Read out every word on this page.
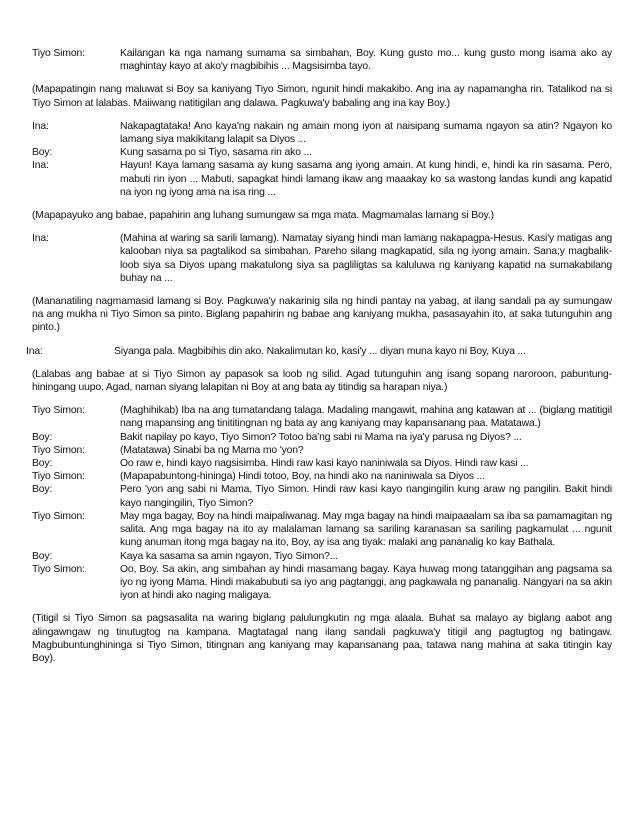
Tiyo Simon:	Kailangan ka nga namang sumama sa simbahan, Boy. Kung gusto mo... kung gusto mong isama ako ay maghintay kayo at ako'y magbibihis ... Magsisimba tayo.
(Mapapatingin nang maluwat si Boy sa kaniyang Tiyo Simon, ngunit hindi makakibo. Ang ina ay napamangha rin. Tatalikod na si Tiyo Simon at lalabas. Maiiwang natitigilan ang dalawa. Pagkuwa'y babaling ang ina kay Boy.)
Ina:	Nakapagtataka! Ano kaya'ng nakain ng amain mong iyon at naisipang sumama ngayon sa atin? Ngayon ko lamang siya makikitang lalapit sa Diyos ...
Boy:	Kung sasama po si Tiyo, sasama rin ako ...
Ina:	Hayun! Kaya lamang sasama ay kung sasama ang iyong amain. At kung hindi, e, hindi ka rin sasama. Pero, mabuti rin iyon ... Mabuti, sapagkat hindi lamang ikaw ang maaakay ko sa wastong landas kundi ang kapatid na iyon ng iyong ama na isa ring ...
(Mapapayuko ang babae, papahirin ang luhang sumungaw sa mga mata. Magmamalas lamang si Boy.)
Ina:	(Mahina at waring sa sarili lamang). Namatay siyang hindi man lamang nakapagpa-Hesus. Kasi'y matigas ang kalooban niya sa pagtalikod sa simbahan. Pareho silang magkapatid, sila ng iyong amain. Sana;y magbalik-loob siya sa Diyos upang makatulong siya sa pagliligtas sa kaluluwa ng kaniyang kapatid na sumakabilang buhay na ...
(Mananatiling nagmamasid lamang si Boy. Pagkuwa'y nakarinig sila ng hindi pantay na yabag, at ilang sandali pa ay sumungaw na ang mukha ni Tiyo Simon sa pinto. Biglang papahirin ng babae ang kaniyang mukha, pasasayahin ito, at saka tutunguhin ang pinto.)
Ina:	Siyanga pala. Magbibihis din ako. Nakalimutan ko, kasi'y ... diyan muna kayo ni Boy, Kuya ...
(Lalabas ang babae at si Tiyo Simon ay papasok sa loob ng silid. Agad tutunguhin ang isang sopang naroroon, pabuntung-hiningang uupo. Agad, naman siyang lalapitan ni Boy at ang bata ay titindig sa harapan niya.)
Tiyo Simon:	(Maghihikab) Iba na ang tumatandang talaga. Madaling mangawit, mahina ang katawan at ... (biglang matitigil nang mapansing ang tinititingnan ng bata ay ang kaniyang may kapansanang paa. Matatawa.)
Boy:	Bakit napilay po kayo, Tiyo Simon? Totoo ba'ng sabi ni Mama na iya'y parusa ng Diyos? ...
Tiyo Simon:	(Matatawa) Sinabi ba ng Mama mo 'yon?
Boy:	Oo raw e, hindi kayo nagsisimba. Hindi raw kasi kayo naniniwala sa Diyos. Hindi raw kasi ...
Tiyo Simon:	(Mapapabuntong-hininga) Hindi totoo, Boy, na hindi ako na naniniwala sa Diyos ...
Boy:	Pero 'yon ang sabi ni Mama, Tiyo Simon. Hindi raw kasi kayo nangingilin kung araw ng pangilin. Bakit hindi kayo nangingilin, Tiyo Simon?
Tiyo Simon:	May mga bagay, Boy na hindi maipaliwanag. May mga bagay na hindi maipaaalam sa iba sa pamamagitan ng salita. Ang mga bagay na ito ay malalaman lamang sa sariling karanasan sa sariling pagkamulat ... ngunit kung anuman itong mga bagay na ito, Boy, ay isa ang tiyak: malaki ang pananalig ko kay Bathala.
Boy:	Kaya ka sasama sa amin ngayon, Tiyo Simon?...
Tiyo Simon:	Oo, Boy. Sa akin, ang simbahan ay hindi masamang bagay. Kaya huwag mong tatanggihan ang pagsama sa iyo ng iyong Mama. Hindi makabubuti sa iyo ang pagtanggi, ang pagkawala ng pananalig. Nangyari na sa akin iyon at hindi ako naging maligaya.
(Titigil si Tiyo Simon sa pagsasalita na waring biglang palulungkutin ng mga alaala. Buhat sa malayo ay biglang aabot ang alingawngaw ng tinutugtog na kampana. Magtatagal nang ilang sandali pagkuwa'y titigil ang pagtugtog ng batingaw. Magbubuntunghininga si Tiyo Simon, titingnan ang kaniyang may kapansanang paa, tatawa nang mahina at saka titingin kay Boy).
